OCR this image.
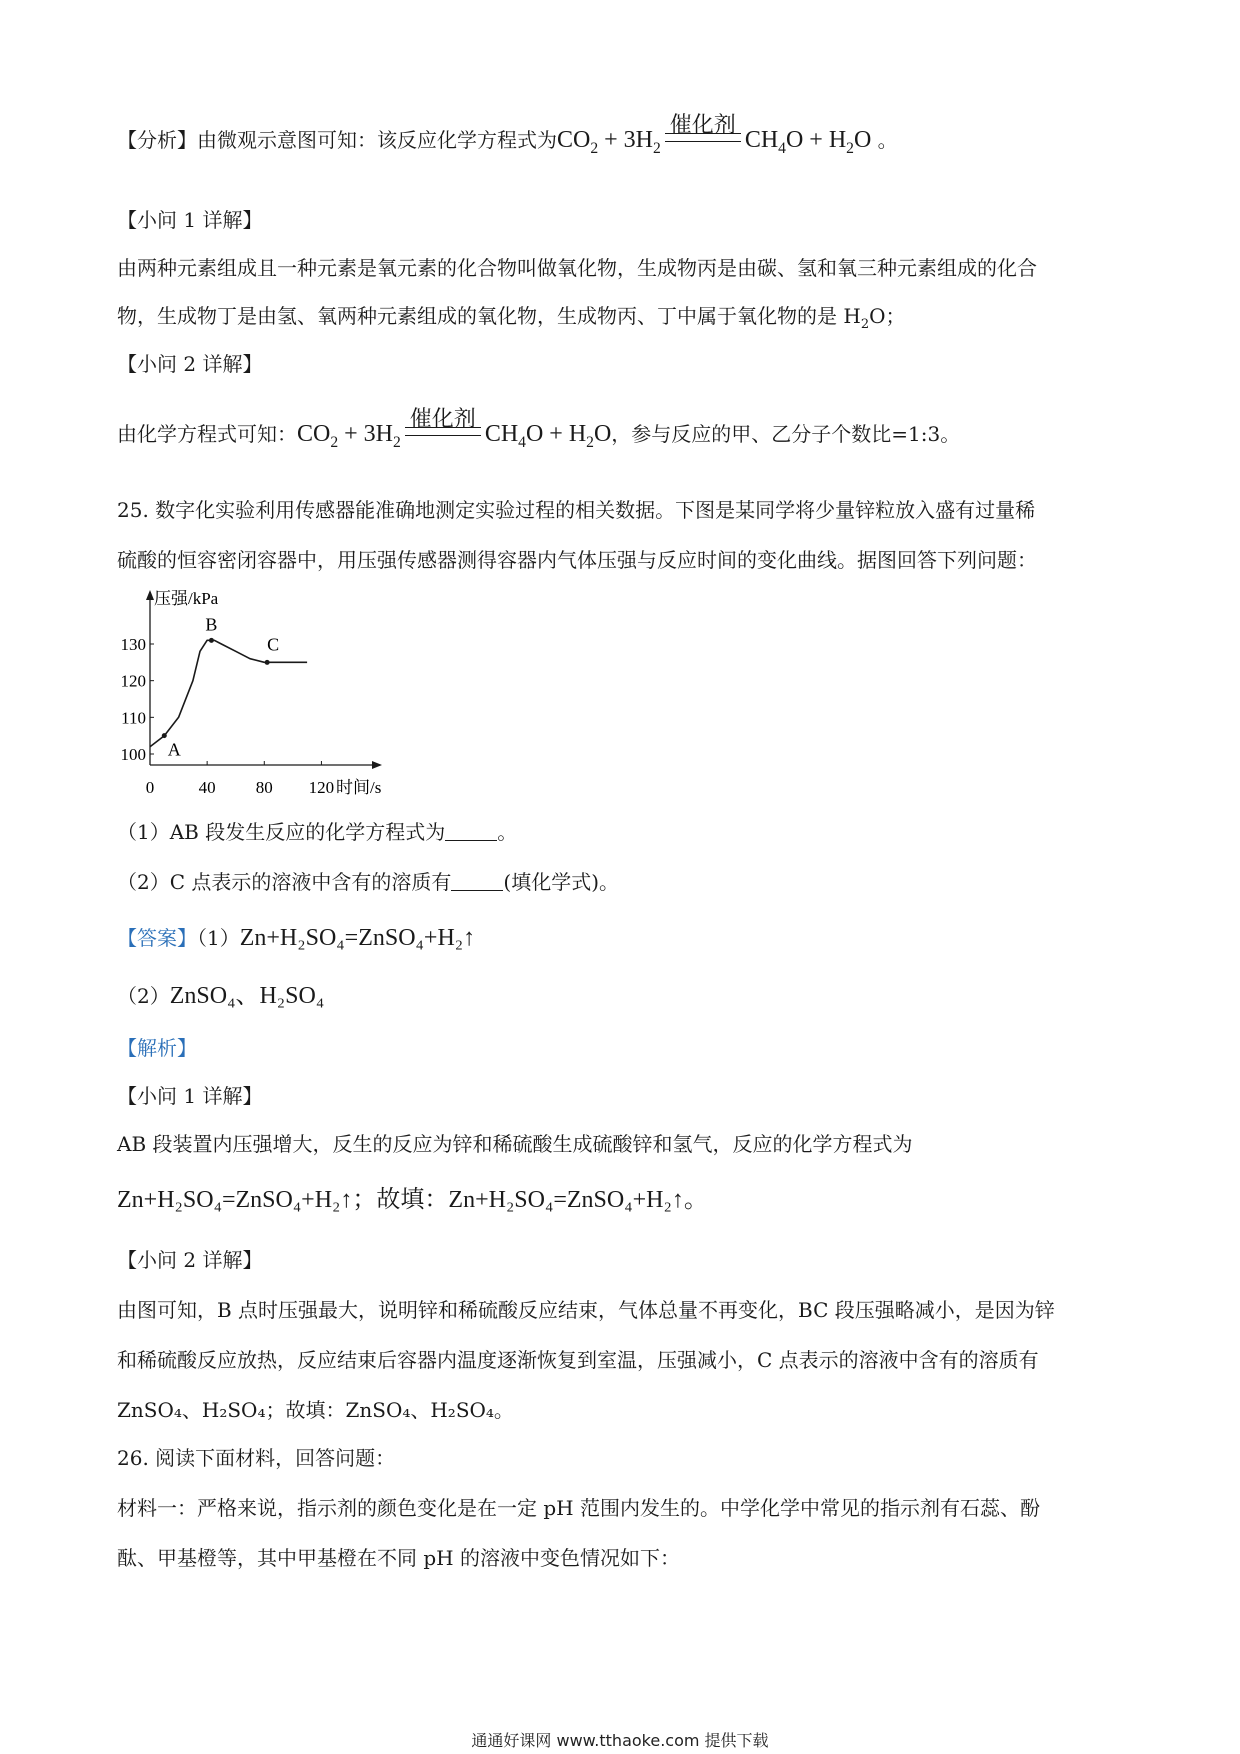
【分析】由微观示意图可知：该反应化学方程式为$CO_2 + 3H_2$
催化剂
$CH_4O + H_2O$ 。
【小问 1 详解】
由两种元素组成且一种元素是氧元素的化合物叫做氧化物，生成物丙是由碳、氢和氧三种元素组成的化合
物，生成物丁是由氢、氧两种元素组成的氧化物，生成物丙、丁中属于氧化物的是 $H_2O$；
【小问 2 详解】
由化学方程式可知：$CO_2 + 3H_2$
催化剂
$CH_4O + H_2O$，参与反应的甲、乙分子个数比=1:3。
25. 数字化实验利用传感器能准确地测定实验过程的相关数据。下图是某同学将少量锌粒放入盛有过量稀
硫酸的恒容密闭容器中，用压强传感器测得容器内气体压强与反应时间的变化曲线。据图回答下列问题：
压强/kPa
时间/s
0	40 80 120
100
110
120
130
A
B
C
（1）AB 段发生反应的化学方程式为	。
（2）C 点表示的溶液中含有的溶质有	(填化学式)。
【答案】（1）Zn+H₂SO₄=ZnSO₄+H₂↑
（2）ZnSO₄、H₂SO₄
【解析】
【小问 1 详解】
AB 段装置内压强增大，反生的反应为锌和稀硫酸生成硫酸锌和氢气，反应的化学方程式为
Zn+H₂SO₄=ZnSO₄+H₂↑；故填：Zn+H₂SO₄=ZnSO₄+H₂↑。
【小问 2 详解】
由图可知，B 点时压强最大，说明锌和稀硫酸反应结束，气体总量不再变化，BC 段压强略减小，是因为锌
和稀硫酸反应放热，反应结束后容器内温度逐渐恢复到室温，压强减小，C 点表示的溶液中含有的溶质有
ZnSO₄、H₂SO₄；故填：ZnSO₄、H₂SO₄。
26. 阅读下面材料，回答问题：
材料一：严格来说，指示剂的颜色变化是在一定 pH 范围内发生的。中学化学中常见的指示剂有石蕊、酚
酞、甲基橙等，其中甲基橙在不同 pH 的溶液中变色情况如下：
通通好课网 www.tthaoke.com 提供下载
